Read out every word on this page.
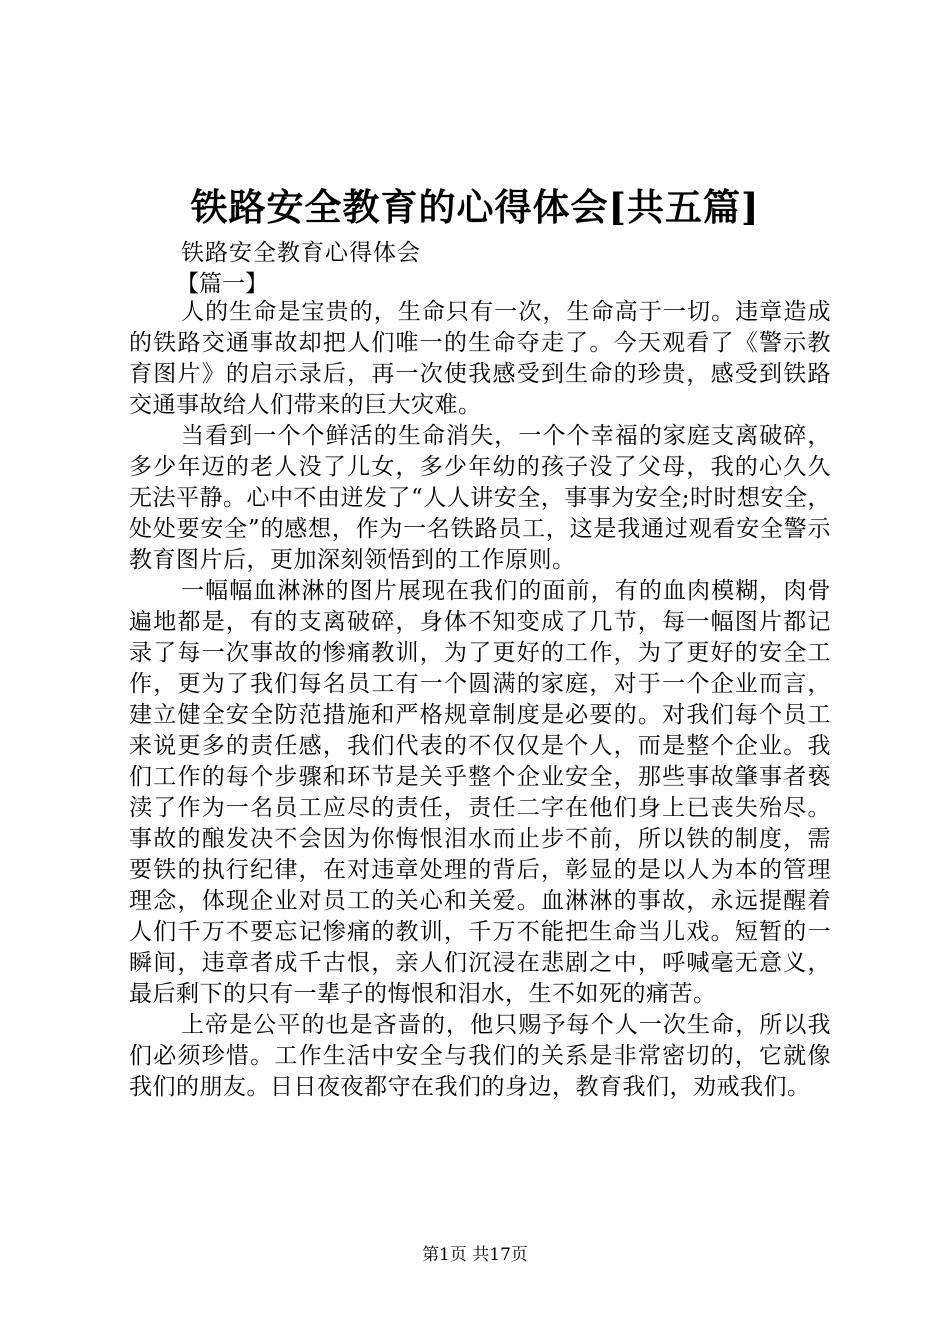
铁路安全教育的心得体会[共五篇]
铁路安全教育心得体会
【篇一】

人的生命是宝贵的，生命只有一次，生命高于一切。违章造成的铁路交通事故却把人们唯一的生命夺走了。今天观看了《警示教育图片》的启示录后，再一次使我感受到生命的珍贵，感受到铁路交通事故给人们带来的巨大灾难。

当看到一个个鲜活的生命消失，一个个幸福的家庭支离破碎，多少年迈的老人没了儿女，多少年幼的孩子没了父母，我的心久久无法平静。心中不由迸发了“人人讲安全，事事为安全;时时想安全，处处要安全”的感想，作为一名铁路员工，这是我通过观看安全警示教育图片后，更加深刻领悟到的工作原则。

一幅幅血淋淋的图片展现在我们的面前，有的血肉模糊，肉骨遍地都是，有的支离破碎，身体不知变成了几节，每一幅图片都记录了每一次事故的惨痛教训，为了更好的工作，为了更好的安全工作，更为了我们每名员工有一个圆满的家庭，对于一个企业而言，建立健全安全防范措施和严格规章制度是必要的。对我们每个员工来说更多的责任感，我们代表的不仅仅是个人，而是整个企业。我们工作的每个步骤和环节是关乎整个企业安全，那些事故肇事者亵渎了作为一名员工应尽的责任，责任二字在他们身上已丧失殆尽。事故的酿发决不会因为你悔恨泪水而止步不前，所以铁的制度，需要铁的执行纪律，在对违章处理的背后，彰显的是以人为本的管理理念，体现企业对员工的关心和关爱。血淋淋的事故，永远提醒着人们千万不要忘记惨痛的教训，千万不能把生命当儿戏。短暂的一瞬间，违章者成千古恨，亲人们沉浸在悲剧之中，呼喊毫无意义，最后剩下的只有一辈子的悔恨和泪水，生不如死的痛苦。

上帝是公平的也是吝啬的，他只赐予每个人一次生命，所以我们必须珍惜。工作生活中安全与我们的关系是非常密切的，它就像我们的朋友。日日夜夜都守在我们的身边，教育我们，劝戒我们。

第1页 共17页
